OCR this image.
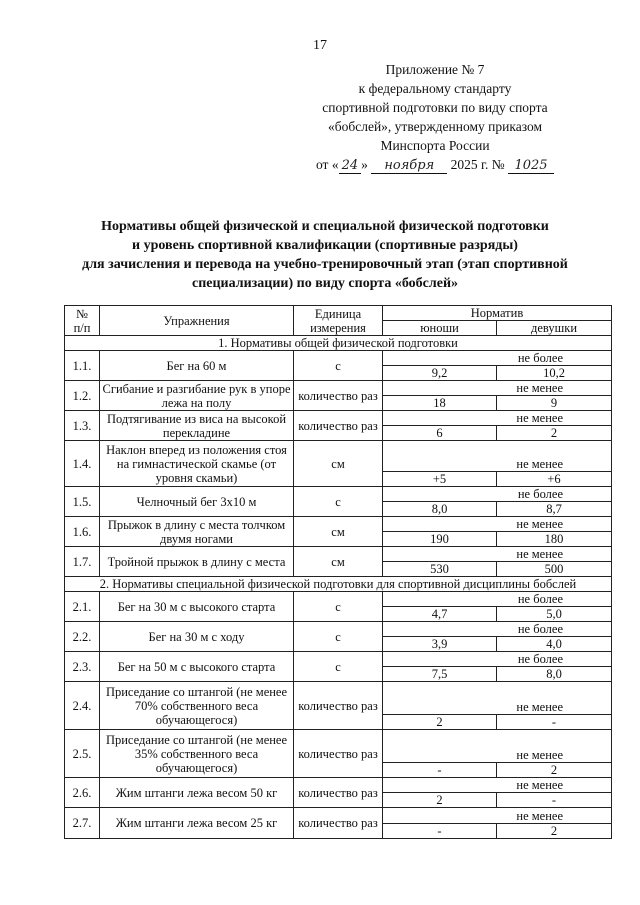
17
Приложение № 7
к федеральному стандарту
спортивной подготовки по виду спорта
«бобслей», утвержденному приказом
Минспорта России
от « 24 » ноября 2025 г. № 1025
Нормативы общей физической и специальной физической подготовки
и уровень спортивной квалификации (спортивные разряды)
для зачисления и перевода на учебно-тренировочный этап (этап спортивной
специализации) по виду спорта «бобслей»
№ п/п	Упражнения	Единица измерения	Норматив	
			юноши	девушки
1. Нормативы общей физической подготовки				
1.1.	Бег на 60 м	с	не более	
			9,2	10,2
1.2.	Сгибание и разгибание рук в упоре лежа на полу	количество раз	не менее	
			18	9
1.3.	Подтягивание из виса на высокой перекладине	количество раз	не менее	
			6	2
1.4.	Наклон вперед из положения стоя на гимнастической скамье (от уровня скамьи)	см	не менее	
			+5	+6
1.5.	Челночный бег 3х10 м	с	не более	
			8,0	8,7
1.6.	Прыжок в длину с места толчком двумя ногами	см	не менее	
			190	180
1.7.	Тройной прыжок в длину с места	см	не менее	
			530	500
2. Нормативы специальной физической подготовки для спортивной дисциплины бобслей				
2.1.	Бег на 30 м с высокого старта	с	не более	
			4,7	5,0
2.2.	Бег на 30 м с ходу	с	не более	
			3,9	4,0
2.3.	Бег на 50 м с высокого старта	с	не более	
			7,5	8,0
2.4.	Приседание со штангой (не менее 70% собственного веса обучающегося)	количество раз	не менее	
			2	-
2.5.	Приседание со штангой (не менее 35% собственного веса обучающегося)	количество раз	не менее	
			-	2
2.6.	Жим штанги лежа весом 50 кг	количество раз	не менее	
			2	-
2.7.	Жим штанги лежа весом 25 кг	количество раз	не менее	
			-	2
